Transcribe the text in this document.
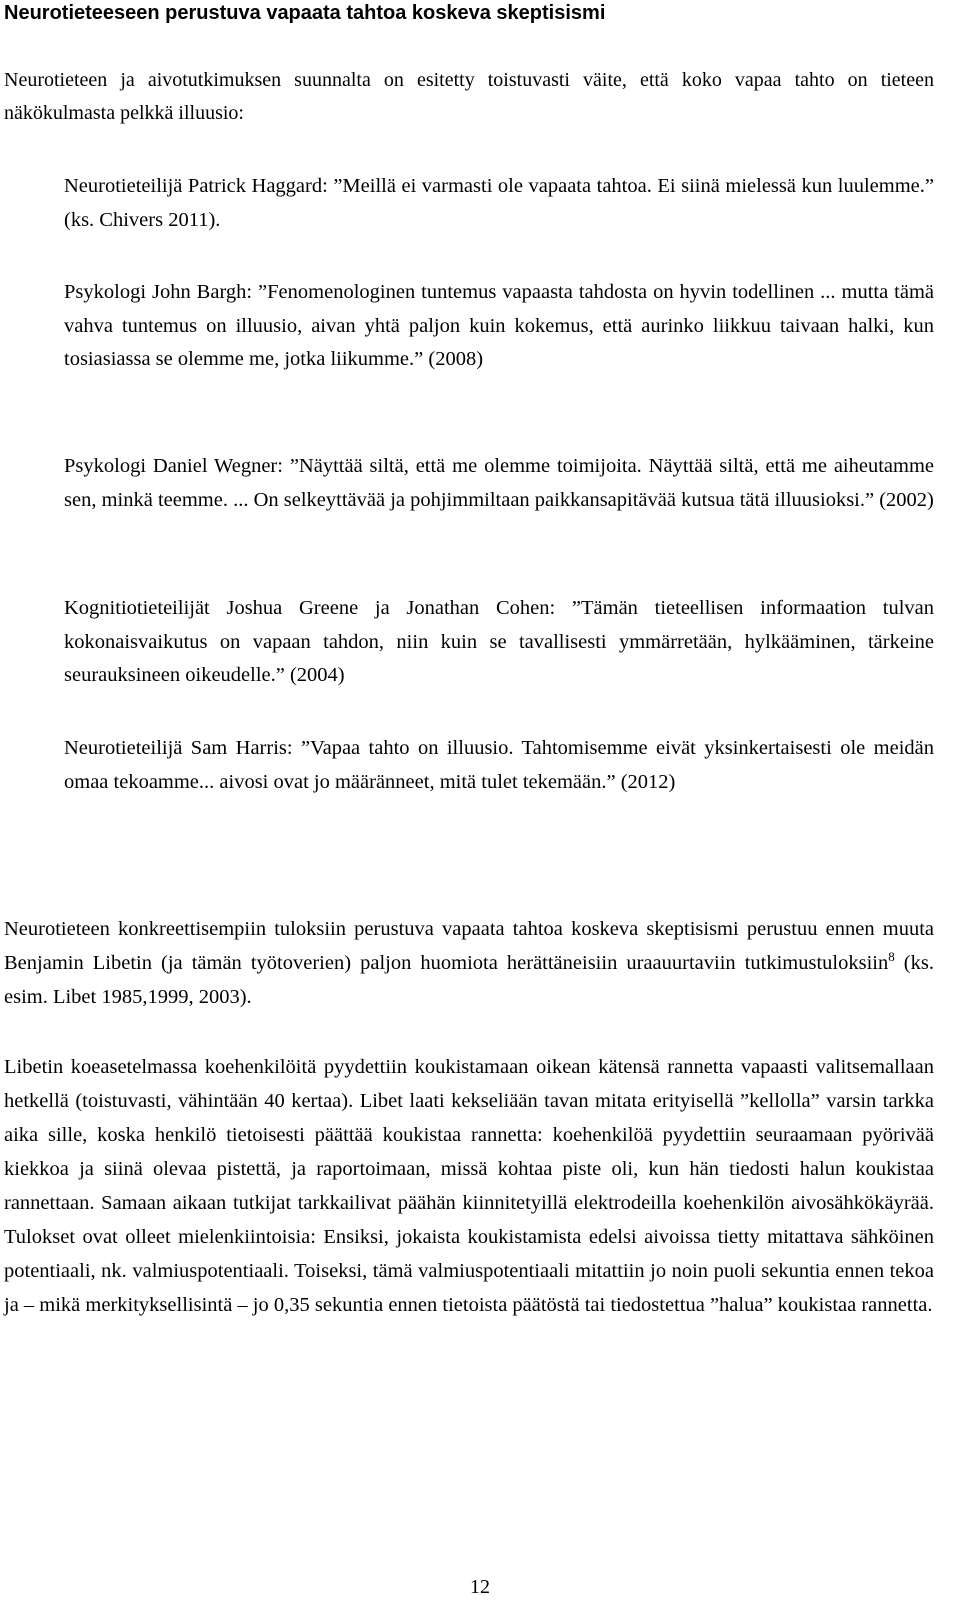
Neurotieteeseen perustuva vapaata tahtoa koskeva skeptisismi

Neurotieteen ja aivotutkimuksen suunnalta on esitetty toistuvasti väite, että koko vapaa tahto on tieteen näkökulmasta pelkkä illuusio:

Neurotieteilijä Patrick Haggard: ”Meillä ei varmasti ole vapaata tahtoa. Ei siinä mielessä kun luulemme.” (ks. Chivers 2011).

Psykologi John Bargh: ”Fenomenologinen tuntemus vapaasta tahdosta on hyvin todellinen ... mutta tämä vahva tuntemus on illuusio, aivan yhtä paljon kuin kokemus, että aurinko liikkuu taivaan halki, kun tosiasiassa se olemme me, jotka liikumme.” (2008)

Psykologi Daniel Wegner: ”Näyttää siltä, että me olemme toimijoita. Näyttää siltä, että me aiheutamme sen, minkä teemme. ... On selkeyttävää ja pohjimmiltaan paikkansapitävää kutsua tätä illuusioksi.” (2002)

Kognitiotieteilijät Joshua Greene ja Jonathan Cohen: ”Tämän tieteellisen informaation tulvan kokonaisvaikutus on vapaan tahdon, niin kuin se tavallisesti ymmärretään, hylkääminen, tärkeine seurauksineen oikeudelle.” (2004)

Neurotieteilijä Sam Harris: ”Vapaa tahto on illuusio. Tahtomisemme eivät yksinkertaisesti ole meidän omaa tekoamme... aivosi ovat jo määränneet, mitä tulet tekemään.” (2012)

Neurotieteen konkreettisempiin tuloksiin perustuva vapaata tahtoa koskeva skeptisismi perustuu ennen muuta Benjamin Libetin (ja tämän työtoverien) paljon huomiota herättäneisiin uraauurtaviin tutkimustuloksiin$^8$ (ks. esim. Libet 1985,1999, 2003).

Libetin koeasetelmassa koehenkilöitä pyydettiin koukistamaan oikean kätensä rannetta vapaasti valitsemallaan hetkellä (toistuvasti, vähintään 40 kertaa). Libet laati kekseliään tavan mitata erityisellä ”kellolla” varsin tarkka aika sille, koska henkilö tietoisesti päättää koukistaa rannetta: koehenkilöä pyydettiin seuraamaan pyörivää kiekkoa ja siinä olevaa pistettä, ja raportoimaan, missä kohtaa piste oli, kun hän tiedosti halun koukistaa rannettaan. Samaan aikaan tutkijat tarkkailivat päähän kiinnitetyillä elektrodeilla koehenkilön aivosähkökäyrää. Tulokset ovat olleet mielenkiintoisia: Ensiksi, jokaista koukistamista edelsi aivoissa tietty mitattava sähköinen potentiaali, nk. valmiuspotentiaali. Toiseksi, tämä valmiuspotentiaali mitattiin jo noin puoli sekuntia ennen tekoa ja – mikä merkityksellisintä – jo 0,35 sekuntia ennen tietoista päätöstä tai tiedostettua ”halua” koukistaa rannetta.

12
